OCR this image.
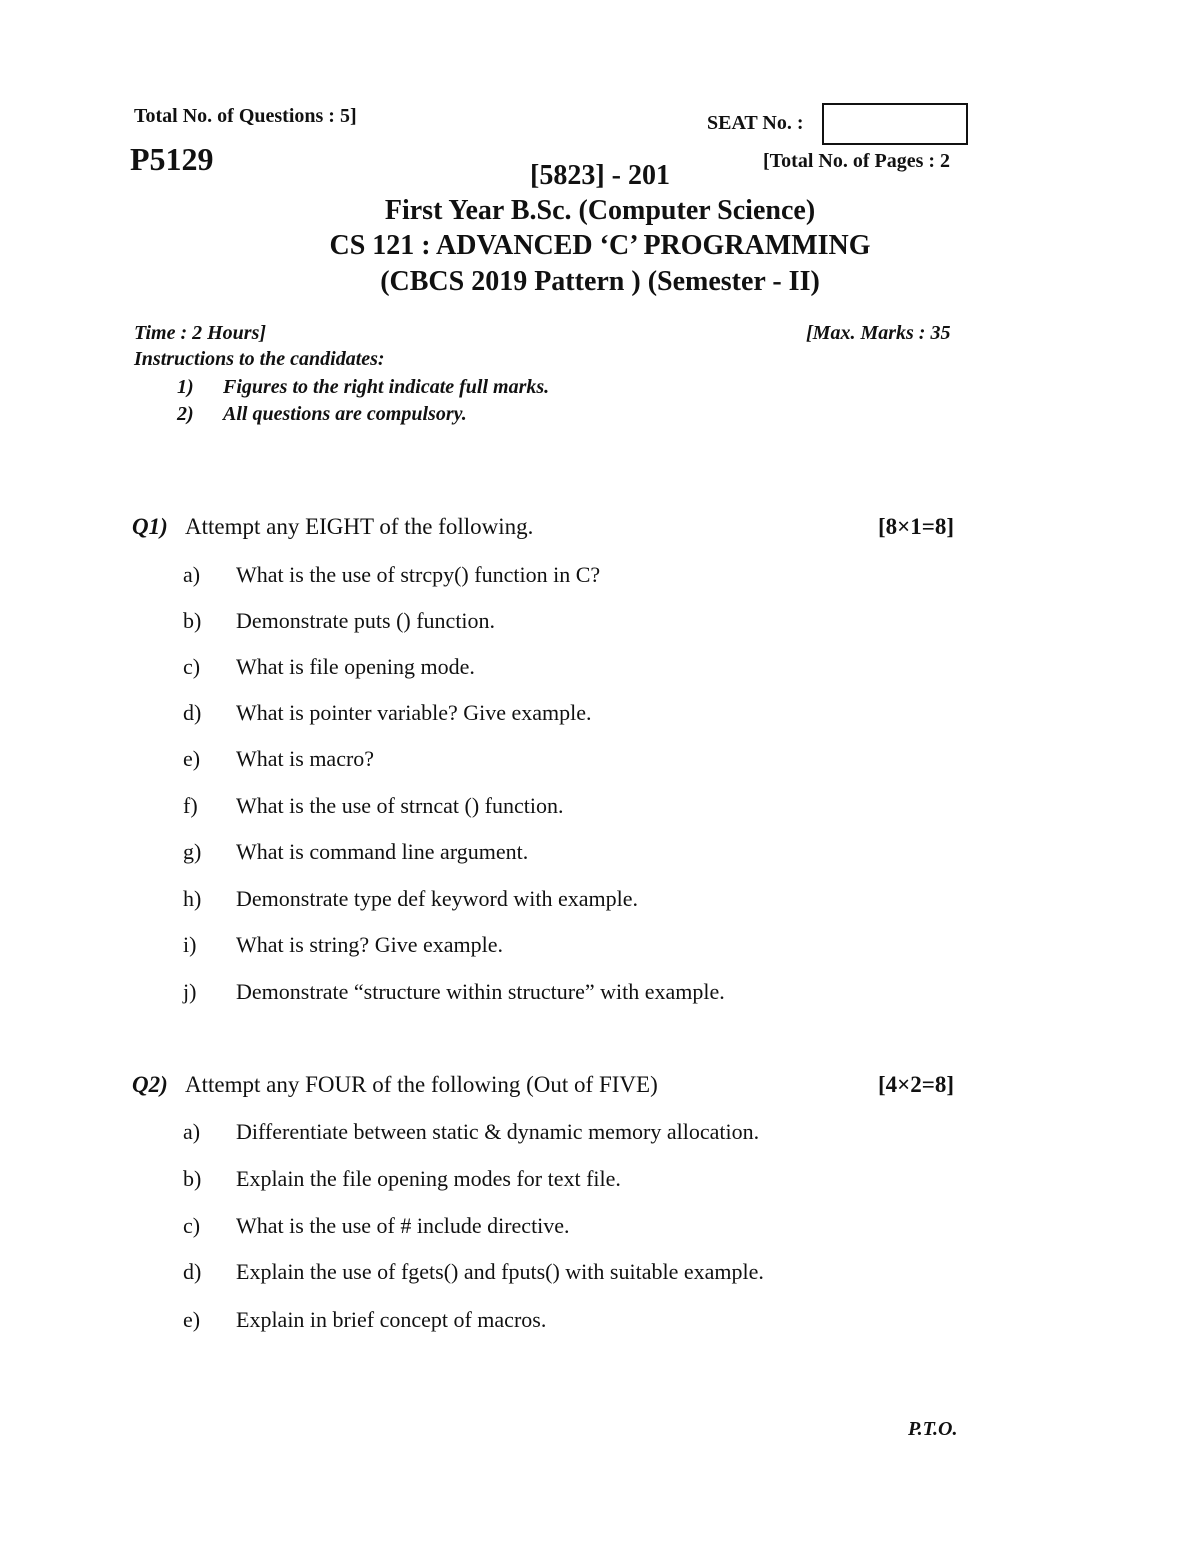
Total No. of Questions : 5]	SEAT No. :
P5129	[Total No. of Pages : 2
[5823] - 201
First Year B.Sc. (Computer Science)
CS 121 : ADVANCED ‘C’ PROGRAMMING
(CBCS 2019 Pattern ) (Semester - II)
Time : 2 Hours]	[Max. Marks : 35
Instructions to the candidates:
1) Figures to the right indicate full marks.
2) All questions are compulsory.
Q1) Attempt any EIGHT of the following.	[8×1=8]
a) What is the use of strcpy() function in C?
b) Demonstrate puts () function.
c) What is file opening mode.
d) What is pointer variable? Give example.
e) What is macro?
f) What is the use of strncat () function.
g) What is command line argument.
h) Demonstrate type def keyword with example.
i) What is string? Give example.
j) Demonstrate “structure within structure” with example.
Q2) Attempt any FOUR of the following (Out of FIVE)	[4×2=8]
a) Differentiate between static & dynamic memory allocation.
b) Explain the file opening modes for text file.
c) What is the use of # include directive.
d) Explain the use of fgets() and fputs() with suitable example.
e) Explain in brief concept of macros.
P.T.O.
